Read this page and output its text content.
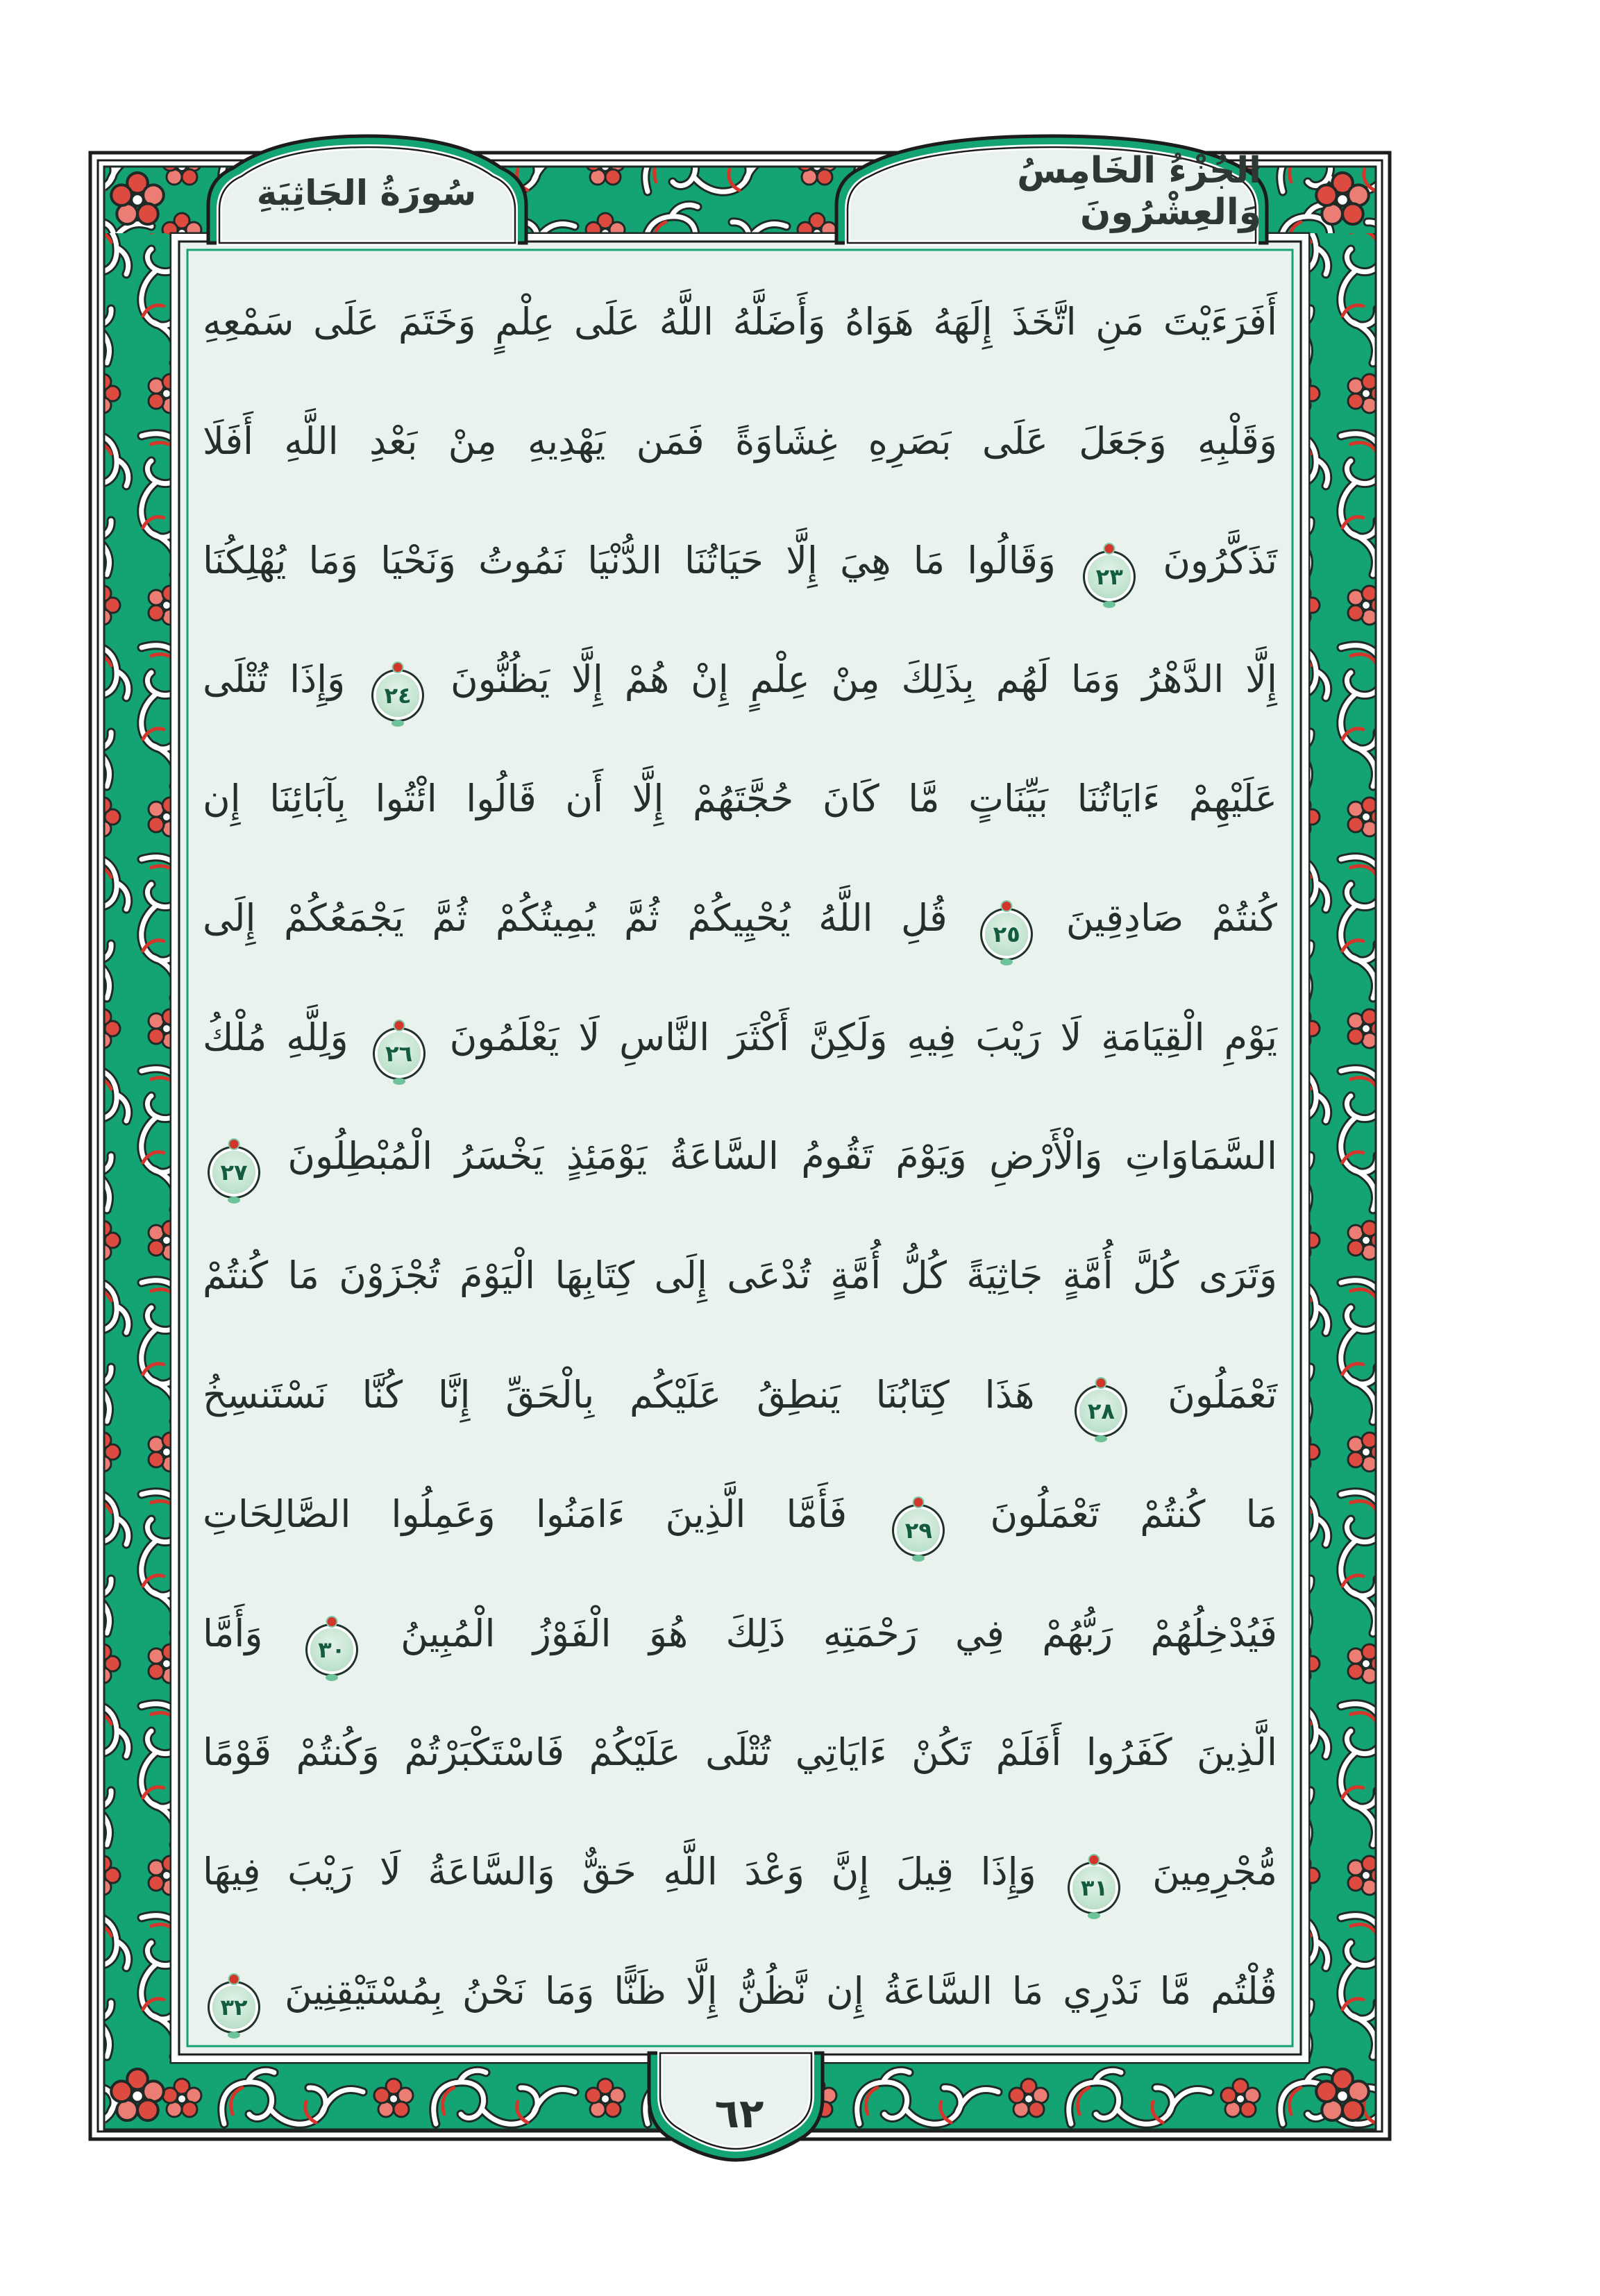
سُورَةُ الجَاثِيَةِ
الجُزْءُ الخَامِسُ وَالعِشْرُونَ
٦٢
أَفَرَءَيْتَ مَنِ اتَّخَذَ إِلَهَهُ هَوَاهُ وَأَضَلَّهُ اللَّهُ عَلَى عِلْمٍ وَخَتَمَ عَلَى سَمْعِهِ
وَقَلْبِهِ وَجَعَلَ عَلَى بَصَرِهِ غِشَاوَةً فَمَن يَهْدِيهِ مِنْ بَعْدِ اللَّهِ أَفَلَا
تَذَكَّرُونَ
٢٣
وَقَالُوا مَا هِيَ إِلَّا حَيَاتُنَا الدُّنْيَا نَمُوتُ وَنَحْيَا وَمَا يُهْلِكُنَا
إِلَّا الدَّهْرُ وَمَا لَهُم بِذَلِكَ مِنْ عِلْمٍ إِنْ هُمْ إِلَّا يَظُنُّونَ
٢٤
وَإِذَا تُتْلَى
عَلَيْهِمْ ءَايَاتُنَا بَيِّنَاتٍ مَّا كَانَ حُجَّتَهُمْ إِلَّا أَن قَالُوا ائْتُوا بِآبَائِنَا إِن
كُنتُمْ صَادِقِينَ
٢٥
قُلِ اللَّهُ يُحْيِيكُمْ ثُمَّ يُمِيتُكُمْ ثُمَّ يَجْمَعُكُمْ إِلَى
يَوْمِ الْقِيَامَةِ لَا رَيْبَ فِيهِ وَلَكِنَّ أَكْثَرَ النَّاسِ لَا يَعْلَمُونَ
٢٦
وَلِلَّهِ مُلْكُ
السَّمَاوَاتِ وَالْأَرْضِ وَيَوْمَ تَقُومُ السَّاعَةُ يَوْمَئِذٍ يَخْسَرُ الْمُبْطِلُونَ
٢٧
وَتَرَى كُلَّ أُمَّةٍ جَاثِيَةً كُلُّ أُمَّةٍ تُدْعَى إِلَى كِتَابِهَا الْيَوْمَ تُجْزَوْنَ مَا كُنتُمْ
تَعْمَلُونَ
٢٨
هَذَا كِتَابُنَا يَنطِقُ عَلَيْكُم بِالْحَقِّ إِنَّا كُنَّا نَسْتَنسِخُ
مَا كُنتُمْ تَعْمَلُونَ
٢٩
فَأَمَّا الَّذِينَ ءَامَنُوا وَعَمِلُوا الصَّالِحَاتِ
فَيُدْخِلُهُمْ رَبُّهُمْ فِي رَحْمَتِهِ ذَلِكَ هُوَ الْفَوْزُ الْمُبِينُ
٣٠
وَأَمَّا
الَّذِينَ كَفَرُوا أَفَلَمْ تَكُنْ ءَايَاتِي تُتْلَى عَلَيْكُمْ فَاسْتَكْبَرْتُمْ وَكُنتُمْ قَوْمًا
مُّجْرِمِينَ
٣١
وَإِذَا قِيلَ إِنَّ وَعْدَ اللَّهِ حَقٌّ وَالسَّاعَةُ لَا رَيْبَ فِيهَا
قُلْتُم مَّا نَدْرِي مَا السَّاعَةُ إِن نَّظُنُّ إِلَّا ظَنًّا وَمَا نَحْنُ بِمُسْتَيْقِنِينَ
٣٢
